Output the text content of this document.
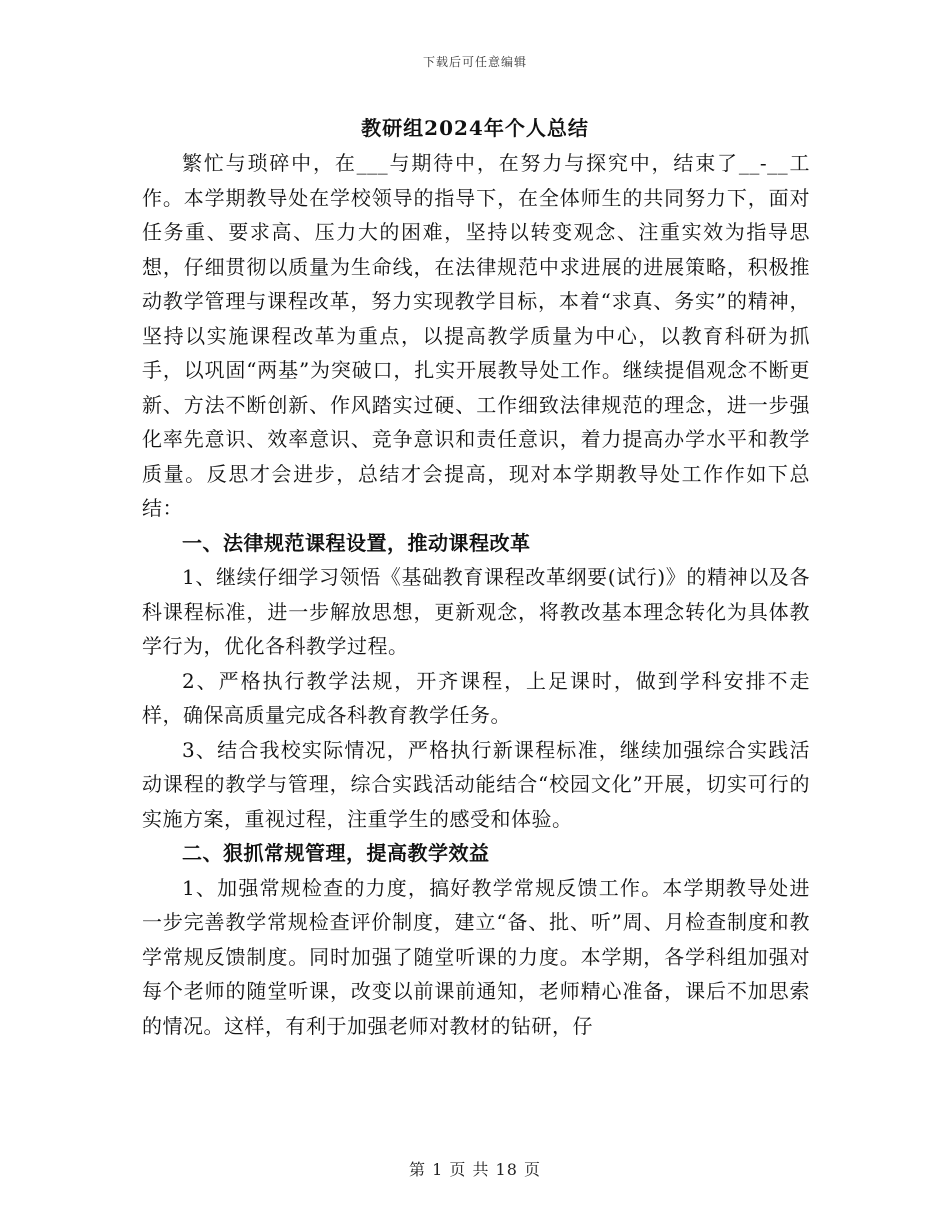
下载后可任意编辑
教研组2024年个人总结

繁忙与琐碎中，在___与期待中，在努力与探究中，结束了__-__工作。本学期教导处在学校领导的指导下，在全体师生的共同努力下，面对任务重、要求高、压力大的困难，坚持以转变观念、注重实效为指导思想，仔细贯彻以质量为生命线，在法律规范中求进展的进展策略，积极推动教学管理与课程改革，努力实现教学目标，本着“求真、务实”的精神，坚持以实施课程改革为重点，以提高教学质量为中心，以教育科研为抓手，以巩固“两基”为突破口，扎实开展教导处工作。继续提倡观念不断更新、方法不断创新、作风踏实过硬、工作细致法律规范的理念，进一步强化率先意识、效率意识、竞争意识和责任意识，着力提高办学水平和教学质量。反思才会进步，总结才会提高，现对本学期教导处工作作如下总结：

一、法律规范课程设置，推动课程改革

1、继续仔细学习领悟《基础教育课程改革纲要(试行)》的精神以及各科课程标准，进一步解放思想，更新观念，将教改基本理念转化为具体教学行为，优化各科教学过程。

2、严格执行教学法规，开齐课程，上足课时，做到学科安排不走样，确保高质量完成各科教育教学任务。

3、结合我校实际情况，严格执行新课程标准，继续加强综合实践活动课程的教学与管理，综合实践活动能结合“校园文化”开展，切实可行的实施方案，重视过程，注重学生的感受和体验。

二、狠抓常规管理，提高教学效益

1、加强常规检查的力度，搞好教学常规反馈工作。本学期教导处进一步完善教学常规检查评价制度，建立“备、批、听”周、月检查制度和教学常规反馈制度。同时加强了随堂听课的力度。本学期，各学科组加强对每个老师的随堂听课，改变以前课前通知，老师精心准备，课后不加思索的情况。这样，有利于加强老师对教材的钻研，仔

第 1 页 共 18 页
